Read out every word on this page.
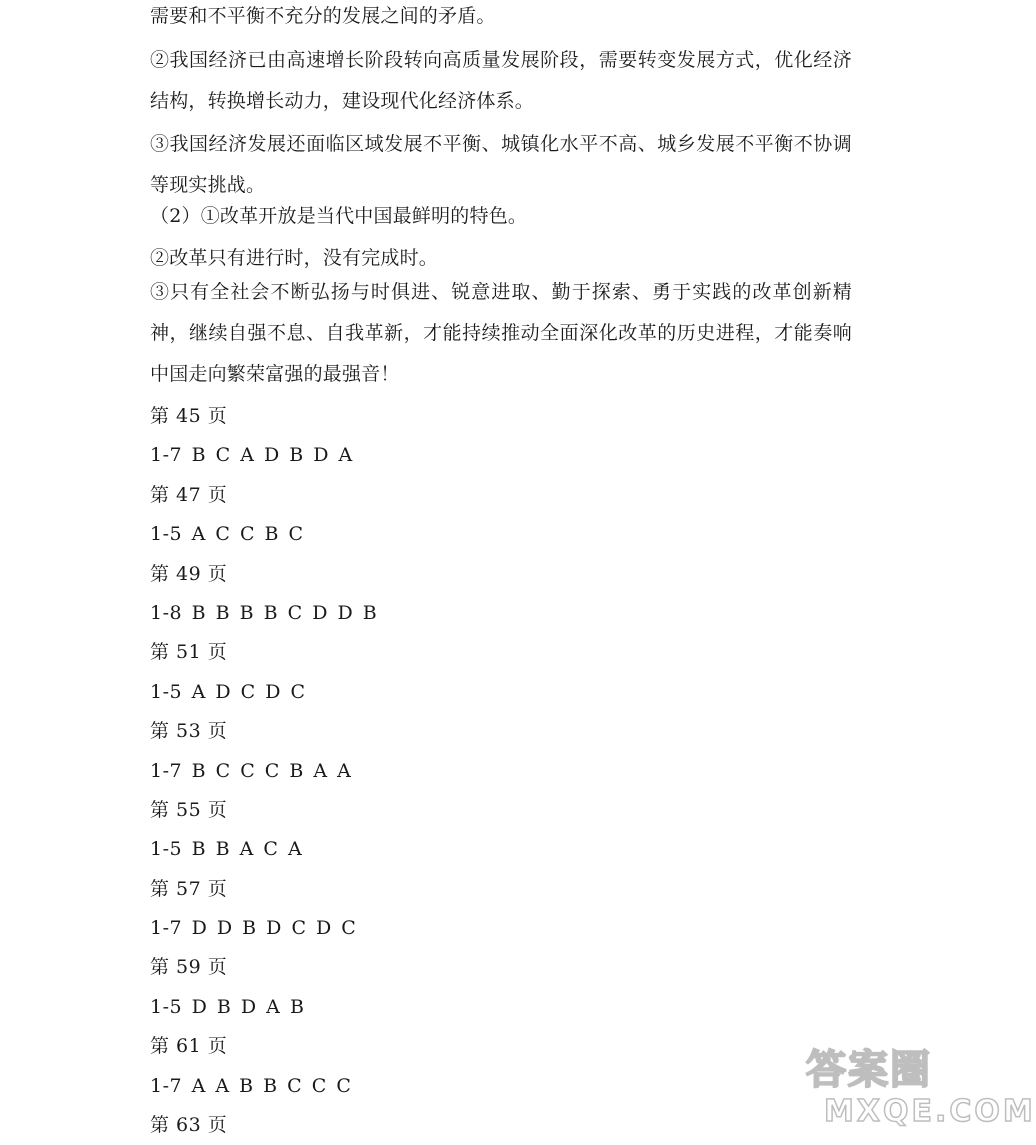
需要和不平衡不充分的发展之间的矛盾。

②我国经济已由高速增长阶段转向高质量发展阶段，需要转变发展方式，优化经济结构，转换增长动力，建设现代化经济体系。

③我国经济发展还面临区域发展不平衡、城镇化水平不高、城乡发展不平衡不协调等现实挑战。

（2）①改革开放是当代中国最鲜明的特色。

②改革只有进行时，没有完成时。

③只有全社会不断弘扬与时俱进、锐意进取、勤于探索、勇于实践的改革创新精神，继续自强不息、自我革新，才能持续推动全面深化改革的历史进程，才能奏响中国走向繁荣富强的最强音！

第 45 页
1-7 B C A D B D A
第 47 页
1-5 A C C B C
第 49 页
1-8 B B B B C D D B
第 51 页
1-5 A D C D C
第 53 页
1-7 B C C C B A A
第 55 页
1-5 B B A C A
第 57 页
1-7 D D B D C D C
第 59 页
1-5 D B D A B
第 61 页
1-7 A A B B C C C
第 63 页
答案圈
MXQE.COM
